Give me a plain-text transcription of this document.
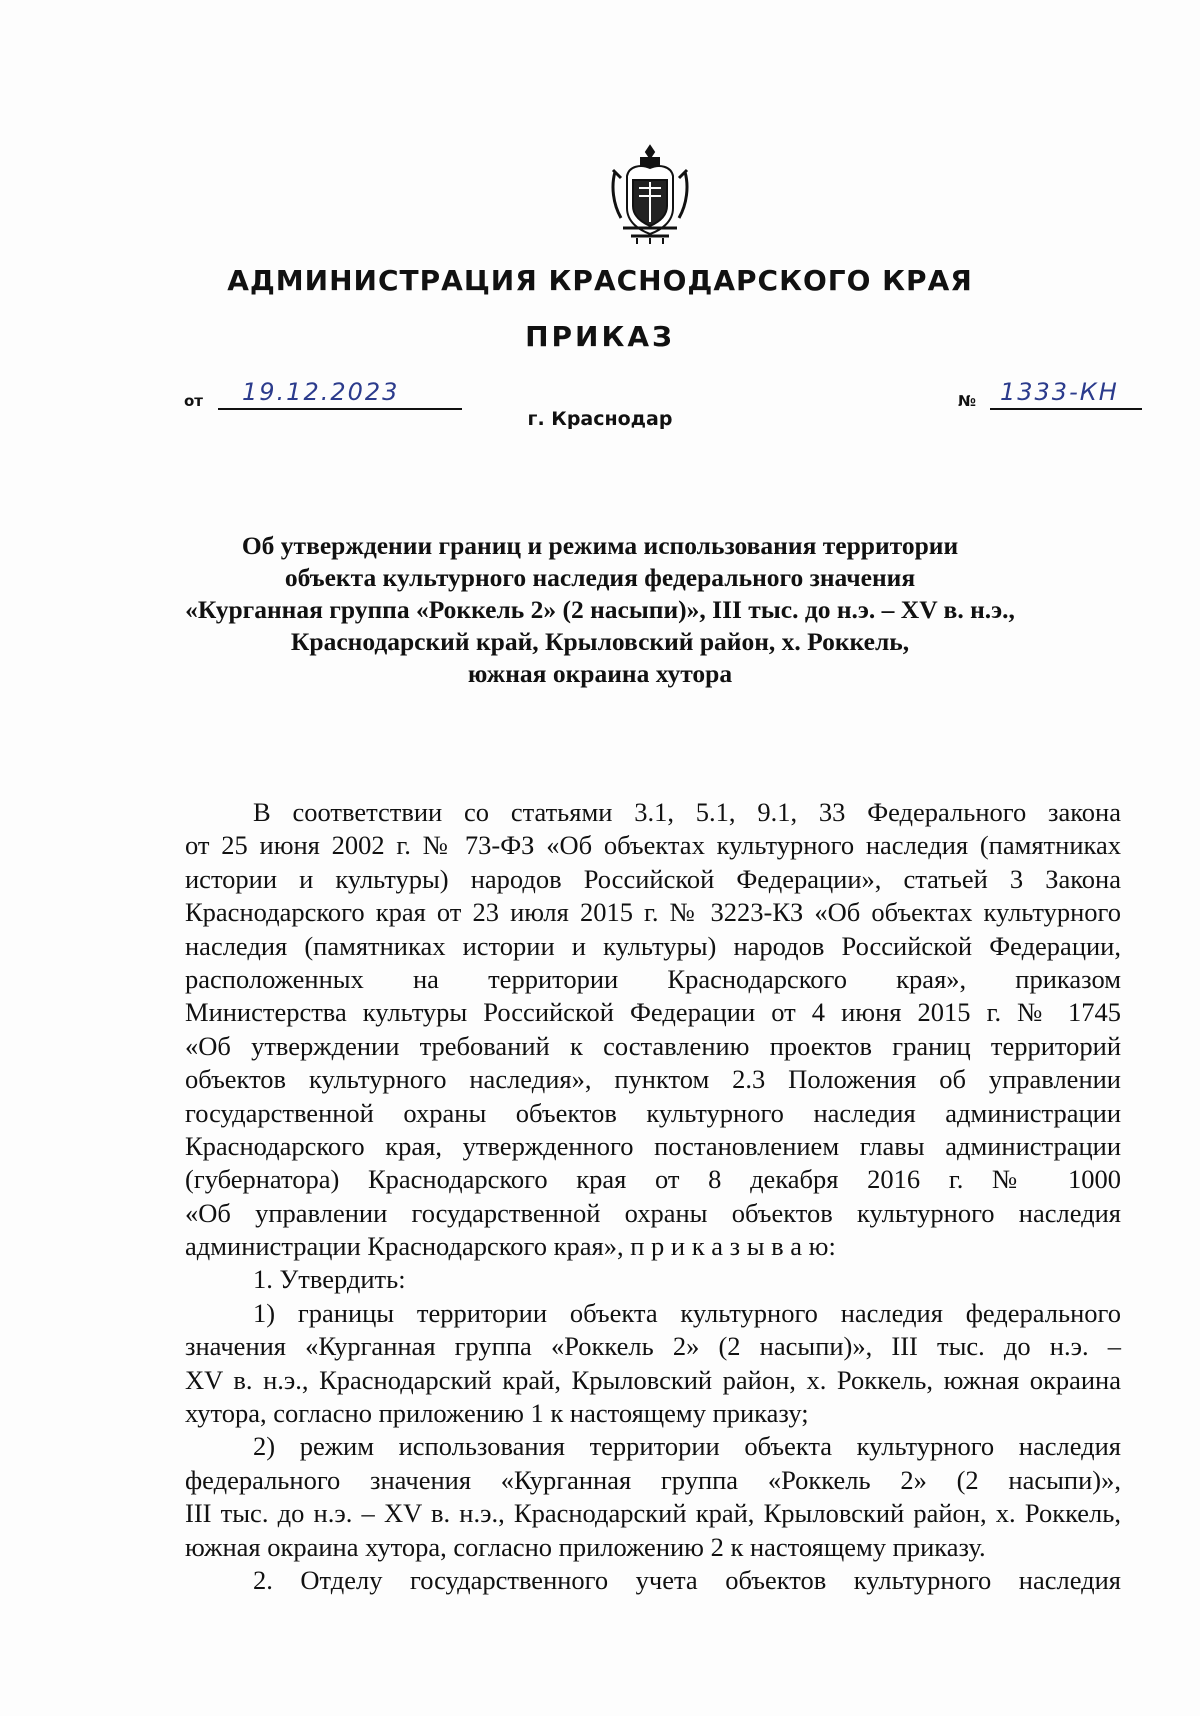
АДМИНИСТРАЦИЯ КРАСНОДАРСКОГО КРАЯ
ПРИКАЗ
от 19.12.2023	№ 1333-КН
г. Краснодар
Об утверждении границ и режима использования территории
объекта культурного наследия федерального значения
«Курганная группа «Роккель 2» (2 насыпи)», III тыс. до н.э. – XV в. н.э.,
Краснодарский край, Крыловский район, х. Роккель,
южная окраина хутора
В соответствии со статьями 3.1, 5.1, 9.1, 33 Федерального закона
от 25 июня 2002 г. № 73-ФЗ «Об объектах культурного наследия (памятниках
истории и культуры) народов Российской Федерации», статьей 3 Закона
Краснодарского края от 23 июля 2015 г. № 3223-КЗ «Об объектах культурного
наследия (памятниках истории и культуры) народов Российской Федерации,
расположенных на территории Краснодарского края», приказом
Министерства культуры Российской Федерации от 4 июня 2015 г. № 1745
«Об утверждении требований к составлению проектов границ территорий
объектов культурного наследия», пунктом 2.3 Положения об управлении
государственной охраны объектов культурного наследия администрации
Краснодарского края, утвержденного постановлением главы администрации
(губернатора) Краснодарского края от 8 декабря 2016 г. № 1000
«Об управлении государственной охраны объектов культурного наследия
администрации Краснодарского края», п р и к а з ы в а ю:
1. Утвердить:
1) границы территории объекта культурного наследия федерального
значения «Курганная группа «Роккель 2» (2 насыпи)», III тыс. до н.э. –
XV в. н.э., Краснодарский край, Крыловский район, х. Роккель, южная окраина
хутора, согласно приложению 1 к настоящему приказу;
2) режим использования территории объекта культурного наследия
федерального значения «Курганная группа «Роккель 2» (2 насыпи)»,
III тыс. до н.э. – XV в. н.э., Краснодарский край, Крыловский район, х. Роккель,
южная окраина хутора, согласно приложению 2 к настоящему приказу.
2. Отделу государственного учета объектов культурного наследия
